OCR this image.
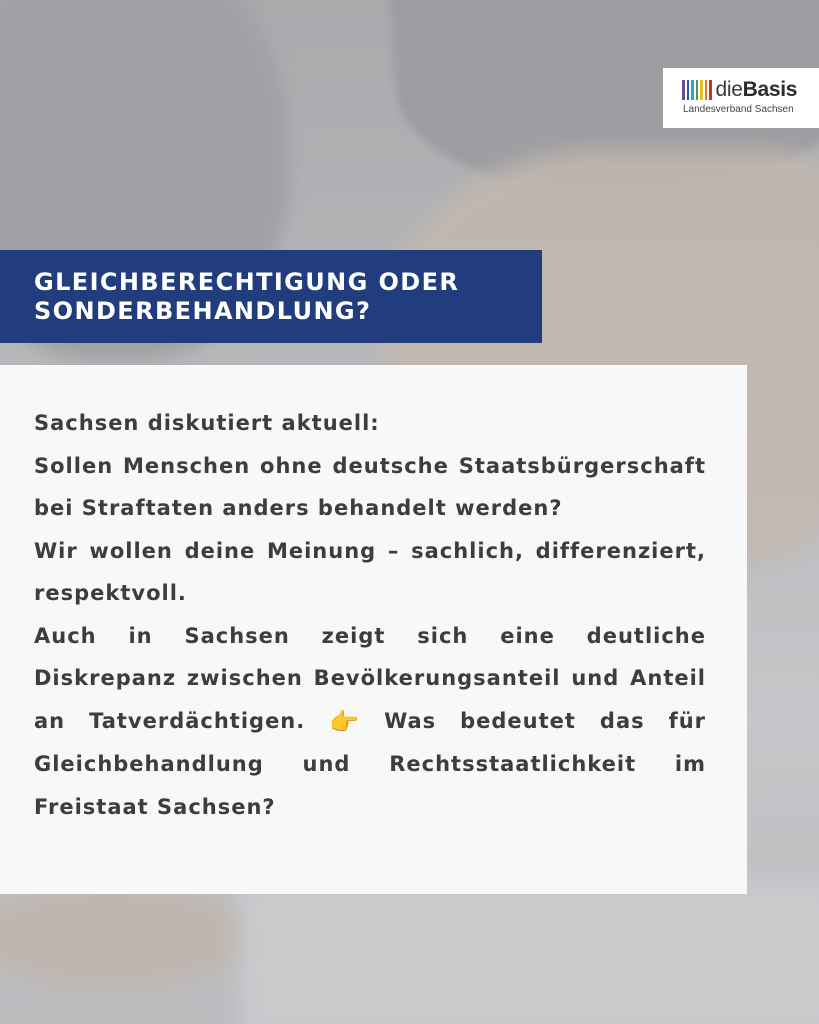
dieBasis
Landesverband Sachsen
GLEICHBERECHTIGUNG ODER
SONDERBEHANDLUNG?

Sachsen diskutiert aktuell:

Sollen Menschen ohne deutsche Staatsbürgerschaft bei Straftaten anders behandelt werden?

Wir wollen deine Meinung – sachlich, differenziert, respektvoll.

Auch in Sachsen zeigt sich eine deutliche Diskrepanz zwischen Bevölkerungsanteil und Anteil an Tatverdächtigen. 👉 Was bedeutet das für Gleichbehandlung und Rechtsstaatlichkeit im Freistaat Sachsen?
